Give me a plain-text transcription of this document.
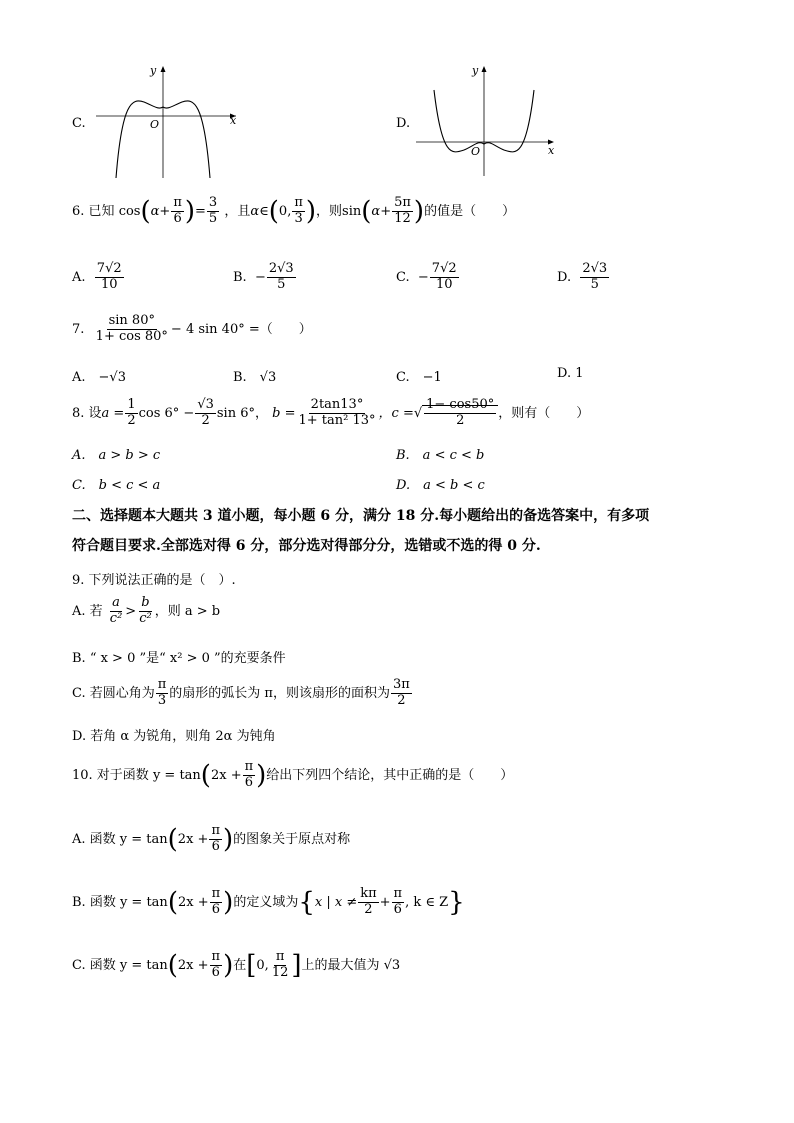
C.
y
x
O	D.
y
x
O
6. 已知 $\cos(\alpha+ \frac{\pi}{6}$ )= $\frac{3}{5}$ ，且α∈(0, $\frac{\pi}{3}$ )，则$\sin(\alpha+ \frac{5\pi}{12}$ )的值是（　　）
A. $\frac{7√2}{10}$	B.  − $\frac{2√3}{5}$	C.  − $\frac{7√2}{10}$	D. $\frac{2√3}{5}$
7. $\frac{\sin 80^\circ}{1+ \cos 80^\circ} - 4$ sin 40° =（　　）
A.　−√3	B.　√3	C.　−1	D. 1
8. 设$a = \frac{1}{2}$ $\cos 6^\circ - \frac{√3}{2}$ sin 6°， $b = \frac{2\tan 13^\circ}{\text{1+ tan² 13°}}$ ，c =√ $\frac{1- \cos 50^\circ}{2}$ ，则有（　　）
A.　a > b > c	B.　a < c < b
C.　b < c < a	D.　a < b < c
二、选择题本大题共 3 道小题，每小题 6 分，满分 18 分.每小题给出的备选答案中，有多项
符合题目要求.全部选对得 6 分，部分选对得部分分，选错或不选的得 0 分.
9. 下列说法正确的是（　）.
A. 若 $\frac{a}{\text{c²}} > \frac{b}{\text{c²}}$ ，则 a > b
B. “ x > 0 ”是“ x² > 0 ”的充要条件
C. 若圆心角为 $\frac{\pi}{3}$ 的扇形的弧长为 π，则该扇形的面积为 $\frac{3\pi}{2}$
D. 若角 α 为锐角，则角 2α 为钝角
10. 对于函数 $y = \tan(2x + \frac{\pi}{6}$ )给出下列四个结论，其中正确的是（　　）
A. 函数 $y = \tan(2x + \frac{\pi}{6}$ )的图象关于原点对称
B. 函数 $y = \tan(2x + \frac{\pi}{6}$ )的定义域为{x | $x \ne \frac{k\pi}{2} + \frac{\pi}{6}$ , k ∈ Z}
C. 函数 $y = \tan(2x + \frac{\pi}{6}$ )在[0, $\frac{\pi}{12}$ ]上的最大值为 √3
